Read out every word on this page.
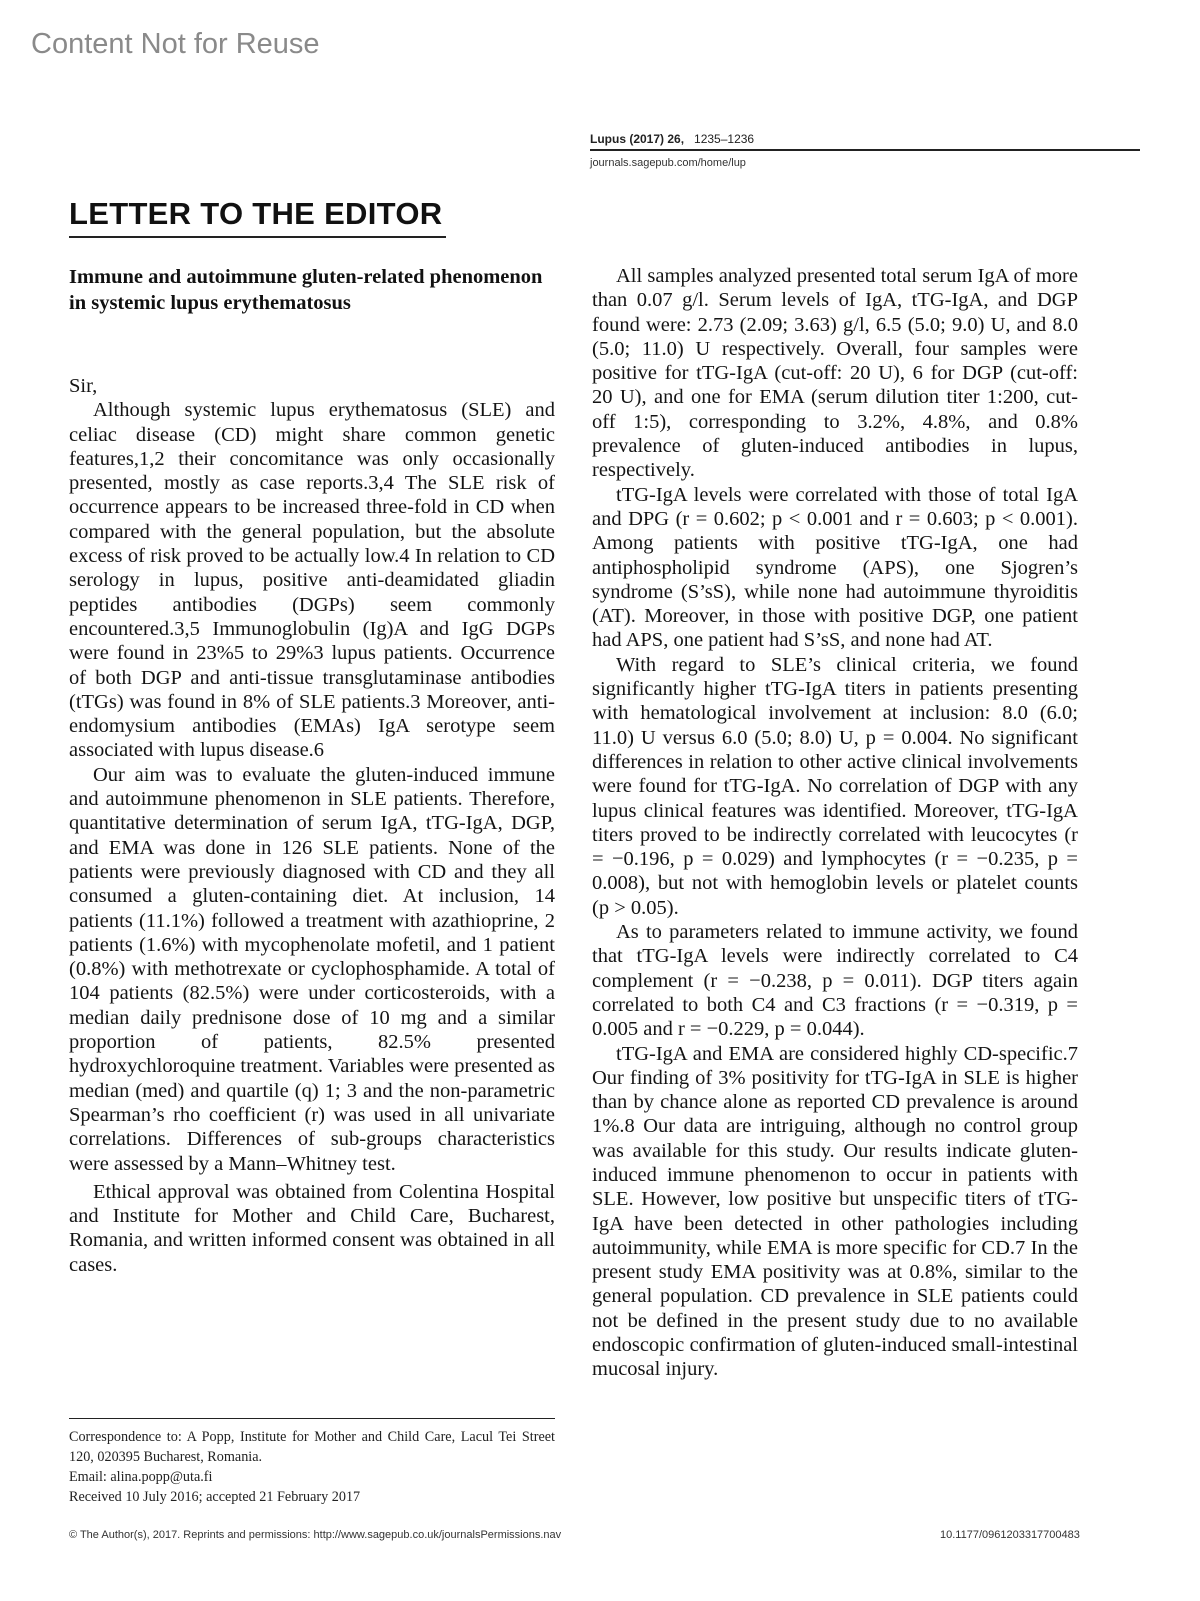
Content Not for Reuse
Lupus (2017) 26, 1235–1236
journals.sagepub.com/home/lup
LETTER TO THE EDITOR
Immune and autoimmune gluten-related phenomenon in systemic lupus erythematosus

Sir,

Although systemic lupus erythematosus (SLE) and celiac disease (CD) might share common genetic features,1,2 their concomitance was only occasionally presented, mostly as case reports.3,4 The SLE risk of occurrence appears to be increased three-fold in CD when compared with the general population, but the absolute excess of risk proved to be actually low.4 In relation to CD serology in lupus, positive anti-deamidated gliadin peptides antibodies (DGPs) seem commonly encountered.3,5 Immunoglobulin (Ig)A and IgG DGPs were found in 23%5 to 29%3 lupus patients. Occurrence of both DGP and anti-tissue transglutaminase antibodies (tTGs) was found in 8% of SLE patients.3 Moreover, anti-endomysium antibodies (EMAs) IgA serotype seem associated with lupus disease.6

Our aim was to evaluate the gluten-induced immune and autoimmune phenomenon in SLE patients. Therefore, quantitative determination of serum IgA, tTG-IgA, DGP, and EMA was done in 126 SLE patients. None of the patients were previously diagnosed with CD and they all consumed a gluten-containing diet. At inclusion, 14 patients (11.1%) followed a treatment with azathioprine, 2 patients (1.6%) with mycophenolate mofetil, and 1 patient (0.8%) with methotrexate or cyclophosphamide. A total of 104 patients (82.5%) were under corticosteroids, with a median daily prednisone dose of 10 mg and a similar proportion of patients, 82.5% presented hydroxychloroquine treatment. Variables were presented as median (med) and quartile (q) 1; 3 and the non-parametric Spearman’s rho coefficient (r) was used in all univariate correlations. Differences of sub-groups characteristics were assessed by a Mann–Whitney test.

Ethical approval was obtained from Colentina Hospital and Institute for Mother and Child Care, Bucharest, Romania, and written informed consent was obtained in all cases.

All samples analyzed presented total serum IgA of more than 0.07 g/l. Serum levels of IgA, tTG-IgA, and DGP found were: 2.73 (2.09; 3.63) g/l, 6.5 (5.0; 9.0) U, and 8.0 (5.0; 11.0) U respectively. Overall, four samples were positive for tTG-IgA (cut-off: 20 U), 6 for DGP (cut-off: 20 U), and one for EMA (serum dilution titer 1:200, cut-off 1:5), corresponding to 3.2%, 4.8%, and 0.8% prevalence of gluten-induced antibodies in lupus, respectively.

tTG-IgA levels were correlated with those of total IgA and DPG (r = 0.602; p < 0.001 and r = 0.603; p < 0.001). Among patients with positive tTG-IgA, one had antiphospholipid syndrome (APS), one Sjogren’s syndrome (S’sS), while none had autoimmune thyroiditis (AT). Moreover, in those with positive DGP, one patient had APS, one patient had S’sS, and none had AT.

With regard to SLE’s clinical criteria, we found significantly higher tTG-IgA titers in patients presenting with hematological involvement at inclusion: 8.0 (6.0; 11.0) U versus 6.0 (5.0; 8.0) U, p = 0.004. No significant differences in relation to other active clinical involvements were found for tTG-IgA. No correlation of DGP with any lupus clinical features was identified. Moreover, tTG-IgA titers proved to be indirectly correlated with leucocytes (r = −0.196, p = 0.029) and lymphocytes (r = −0.235, p = 0.008), but not with hemoglobin levels or platelet counts (p > 0.05).

As to parameters related to immune activity, we found that tTG-IgA levels were indirectly correlated to C4 complement (r = −0.238, p = 0.011). DGP titers again correlated to both C4 and C3 fractions (r = −0.319, p = 0.005 and r = −0.229, p = 0.044).

tTG-IgA and EMA are considered highly CD-specific.7 Our finding of 3% positivity for tTG-IgA in SLE is higher than by chance alone as reported CD prevalence is around 1%.8 Our data are intriguing, although no control group was available for this study. Our results indicate gluten-induced immune phenomenon to occur in patients with SLE. However, low positive but unspecific titers of tTG-IgA have been detected in other pathologies including autoimmunity, while EMA is more specific for CD.7 In the present study EMA positivity was at 0.8%, similar to the general population. CD prevalence in SLE patients could not be defined in the present study due to no available endoscopic confirmation of gluten-induced small-intestinal mucosal injury.

Correspondence to: A Popp, Institute for Mother and Child Care, Lacul Tei Street 120, 020395 Bucharest, Romania.

Email: alina.popp@uta.fi

Received 10 July 2016; accepted 21 February 2017

© The Author(s), 2017. Reprints and permissions: http://www.sagepub.co.uk/journalsPermissions.nav	10.1177/0961203317700483
